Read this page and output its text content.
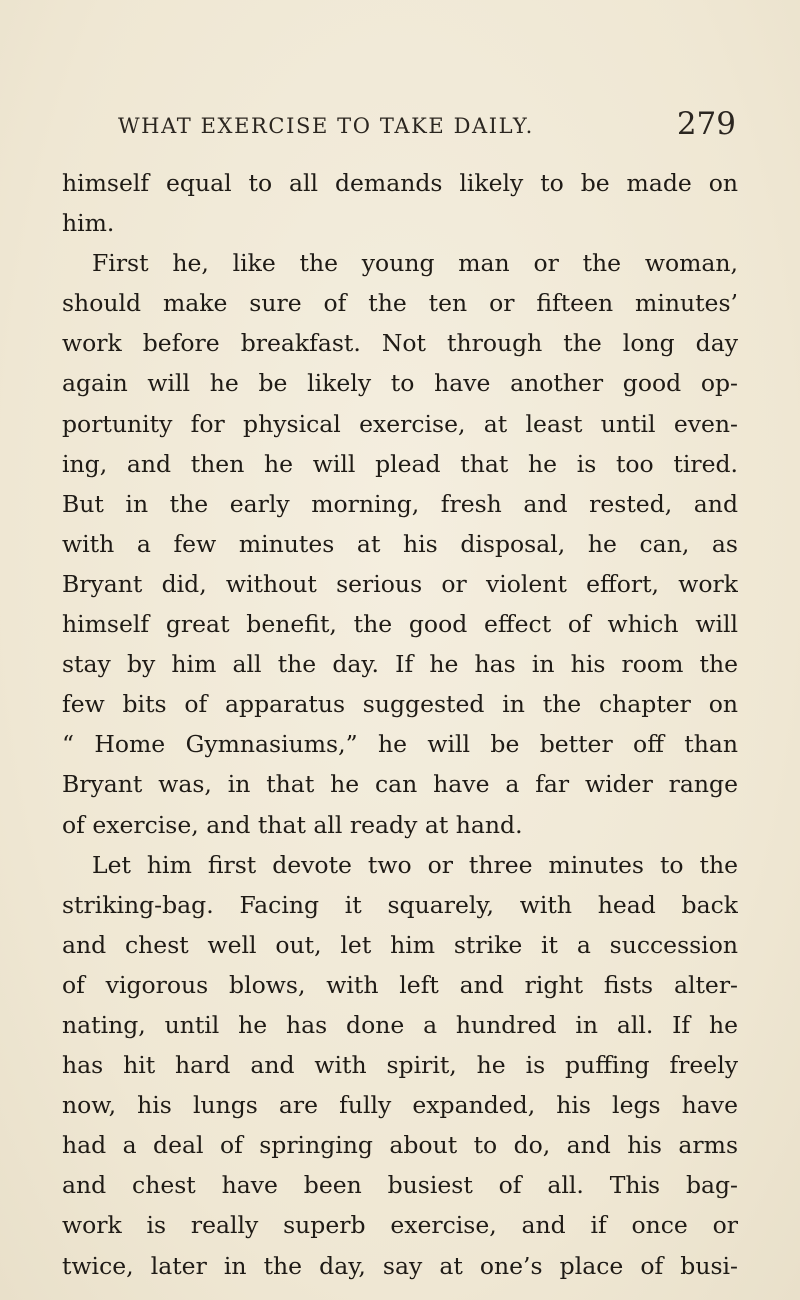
WHAT EXERCISE TO TAKE DAILY.	279
himself equal to all demands likely to be made on
him.
First he, like the young man or the woman,
should make sure of the ten or fifteen minutes’
work before breakfast. Not through the long day
again will he be likely to have another good op-
portunity for physical exercise, at least until even-
ing, and then he will plead that he is too tired.
But in the early morning, fresh and rested, and
with a few minutes at his disposal, he can, as
Bryant did, without serious or violent effort, work
himself great benefit, the good effect of which will
stay by him all the day. If he has in his room the
few bits of apparatus suggested in the chapter on
“ Home Gymnasiums,” he will be better off than
Bryant was, in that he can have a far wider range
of exercise, and that all ready at hand.
Let him first devote two or three minutes to the
striking-bag. Facing it squarely, with head back
and chest well out, let him strike it a succession
of vigorous blows, with left and right fists alter-
nating, until he has done a hundred in all. If he
has hit hard and with spirit, he is puffing freely
now, his lungs are fully expanded, his legs have
had a deal of springing about to do, and his arms
and chest have been busiest of all. This bag-
work is really superb exercise, and if once or
twice, later in the day, say at one’s place of busi-
